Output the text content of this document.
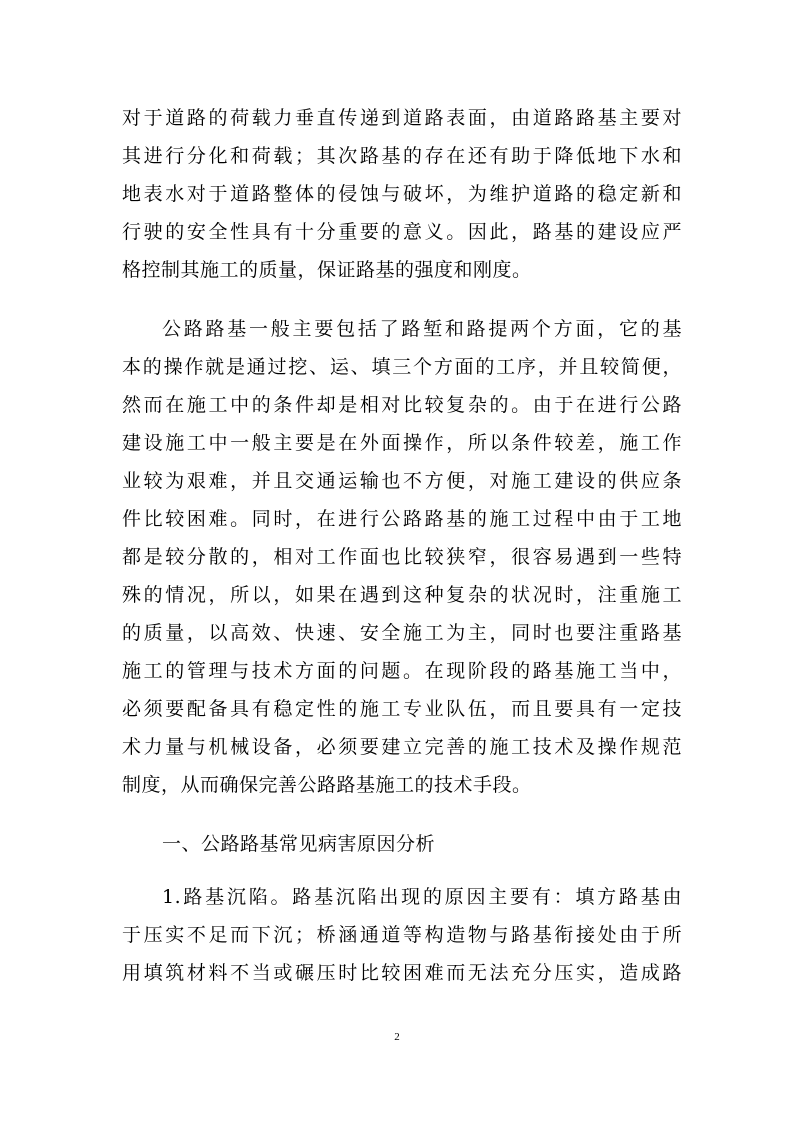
对于道路的荷载力垂直传递到道路表面，由道路路基主要对
其进行分化和荷载；其次路基的存在还有助于降低地下水和
地表水对于道路整体的侵蚀与破坏，为维护道路的稳定新和
行驶的安全性具有十分重要的意义。因此，路基的建设应严
格控制其施工的质量，保证路基的强度和刚度。
公路路基一般主要包括了路堑和路提两个方面，它的基
本的操作就是通过挖、运、填三个方面的工序，并且较简便，
然而在施工中的条件却是相对比较复杂的。由于在进行公路
建设施工中一般主要是在外面操作，所以条件较差，施工作
业较为艰难，并且交通运输也不方便，对施工建设的供应条
件比较困难。同时，在进行公路路基的施工过程中由于工地
都是较分散的，相对工作面也比较狭窄，很容易遇到一些特
殊的情况，所以，如果在遇到这种复杂的状况时，注重施工
的质量，以高效、快速、安全施工为主，同时也要注重路基
施工的管理与技术方面的问题。在现阶段的路基施工当中，
必须要配备具有稳定性的施工专业队伍，而且要具有一定技
术力量与机械设备，必须要建立完善的施工技术及操作规范
制度，从而确保完善公路路基施工的技术手段。
一、公路路基常见病害原因分析
1.路基沉陷。路基沉陷出现的原因主要有：填方路基由
于压实不足而下沉；桥涵通道等构造物与路基衔接处由于所
用填筑材料不当或碾压时比较困难而无法充分压实，造成路
2
